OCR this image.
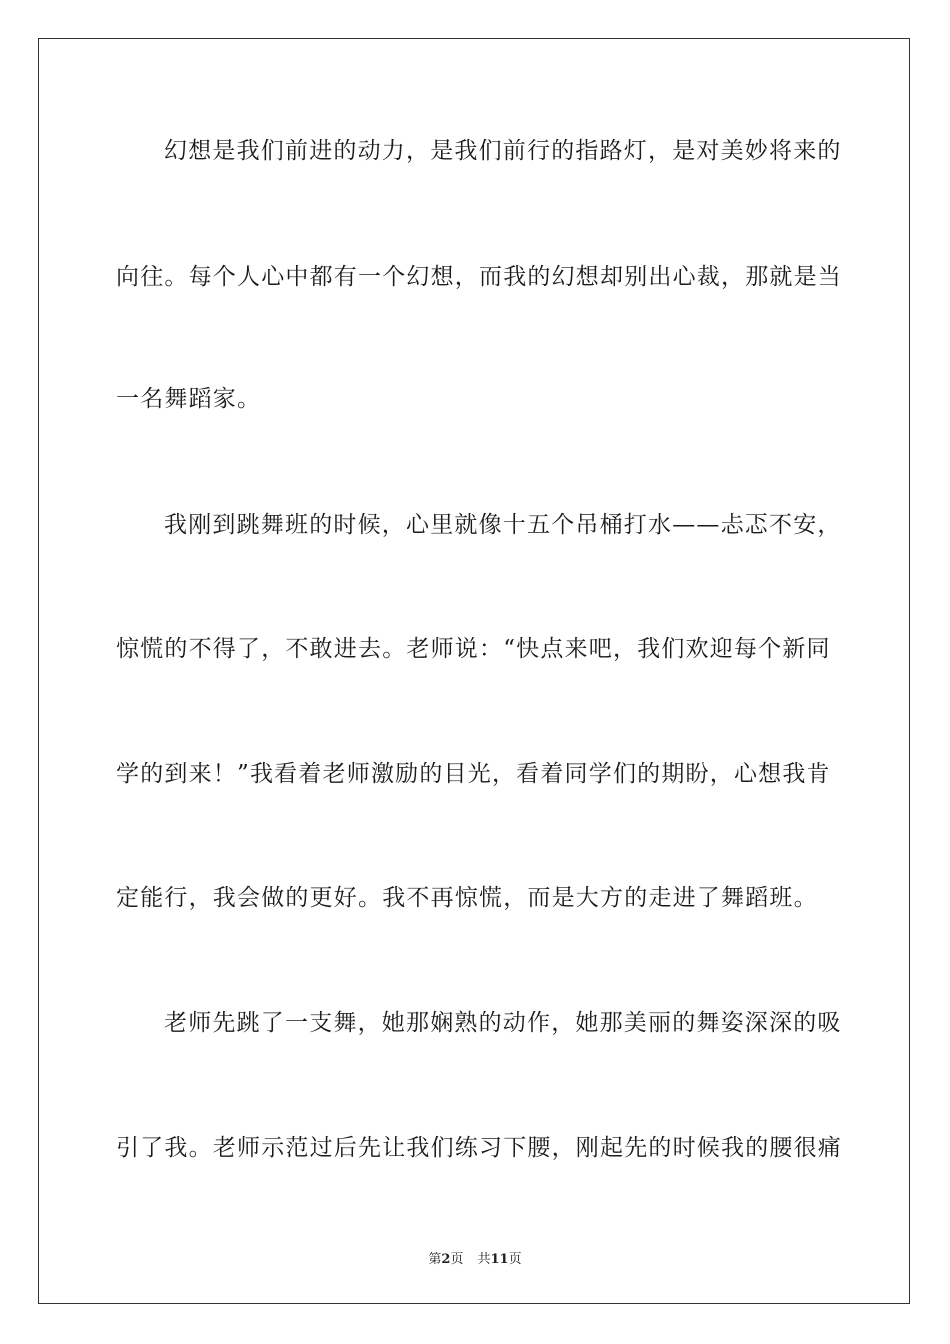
幻想是我们前进的动力，是我们前行的指路灯，是对美妙将来的
向往。每个人心中都有一个幻想，而我的幻想却别出心裁，那就是当
一名舞蹈家。
我刚到跳舞班的时候，心里就像十五个吊桶打水——忐忑不安，
惊慌的不得了，不敢进去。老师说：“快点来吧，我们欢迎每个新同
学的到来！”我看着老师激励的目光，看着同学们的期盼，心想我肯
定能行，我会做的更好。我不再惊慌，而是大方的走进了舞蹈班。
老师先跳了一支舞，她那娴熟的动作，她那美丽的舞姿深深的吸
引了我。老师示范过后先让我们练习下腰，刚起先的时候我的腰很痛
第2页 共11页
